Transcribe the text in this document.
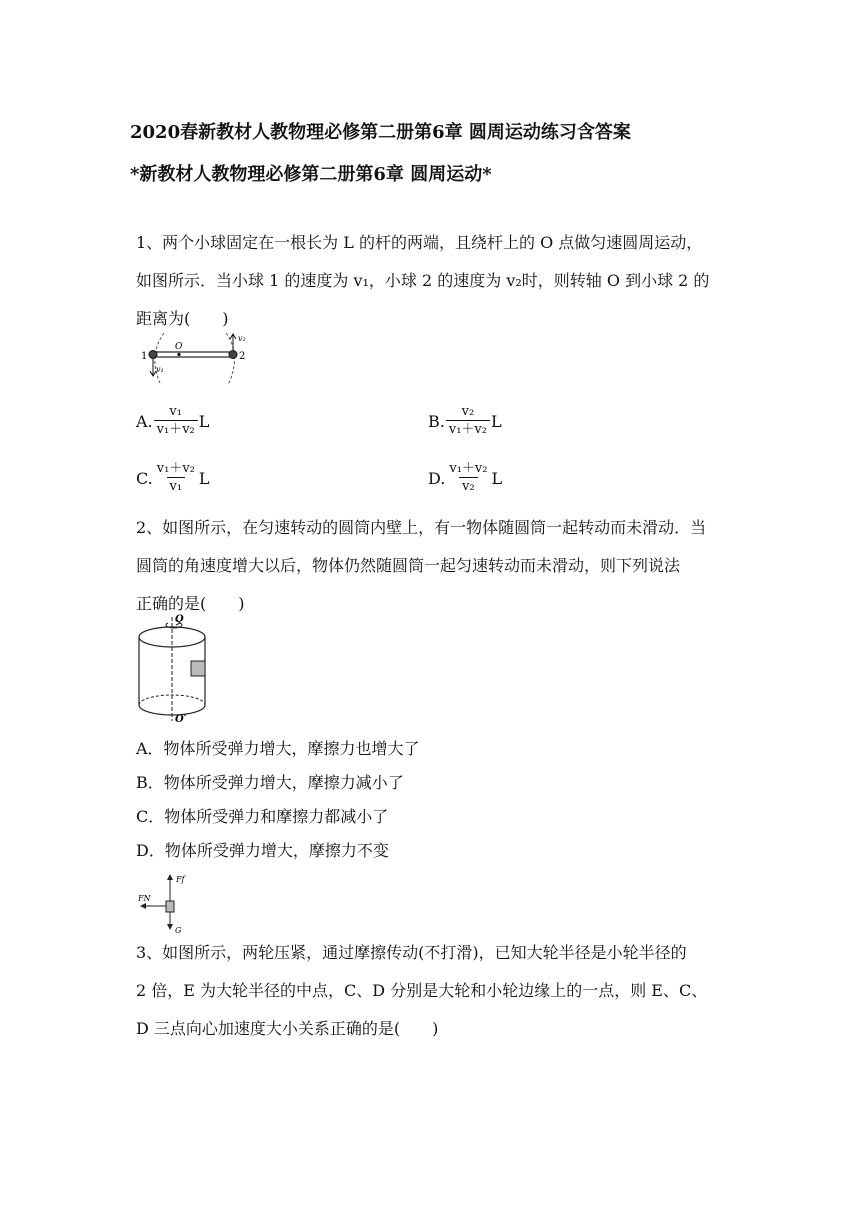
2020春新教材人教物理必修第二册第6章 圆周运动练习含答案
*新教材人教物理必修第二册第6章 圆周运动*
1、两个小球固定在一根长为 L 的杆的两端，且绕杆上的 O 点做匀速圆周运动，
如图所示．当小球 1 的速度为 v₁，小球 2 的速度为 v₂时，则转轴 O 到小球 2 的
距离为(　　)
1	2
O
v₁
v₂
A. $\frac{\text{v₁}}{\text{v₁＋v₂}}$ L	B. $\frac{\text{v₂}}{\text{v₁＋v₂}}$ L
C. $\frac{\text{v₁＋v₂}}{\text{v₁}}$ L	D. $\frac{\text{v₁＋v₂}}{\text{v₂}}$ L
2、如图所示，在匀速转动的圆筒内壁上，有一物体随圆筒一起转动而未滑动．当
圆筒的角速度增大以后，物体仍然随圆筒一起匀速转动而未滑动，则下列说法
正确的是(　　)
O
O′
A．物体所受弹力增大，摩擦力也增大了
B．物体所受弹力增大，摩擦力减小了
C．物体所受弹力和摩擦力都减小了
D．物体所受弹力增大，摩擦力不变
Ff
FN
G
3、如图所示，两轮压紧，通过摩擦传动(不打滑)，已知大轮半径是小轮半径的
2 倍，E 为大轮半径的中点，C、D 分别是大轮和小轮边缘上的一点，则 E、C、
D 三点向心加速度大小关系正确的是(　　)
